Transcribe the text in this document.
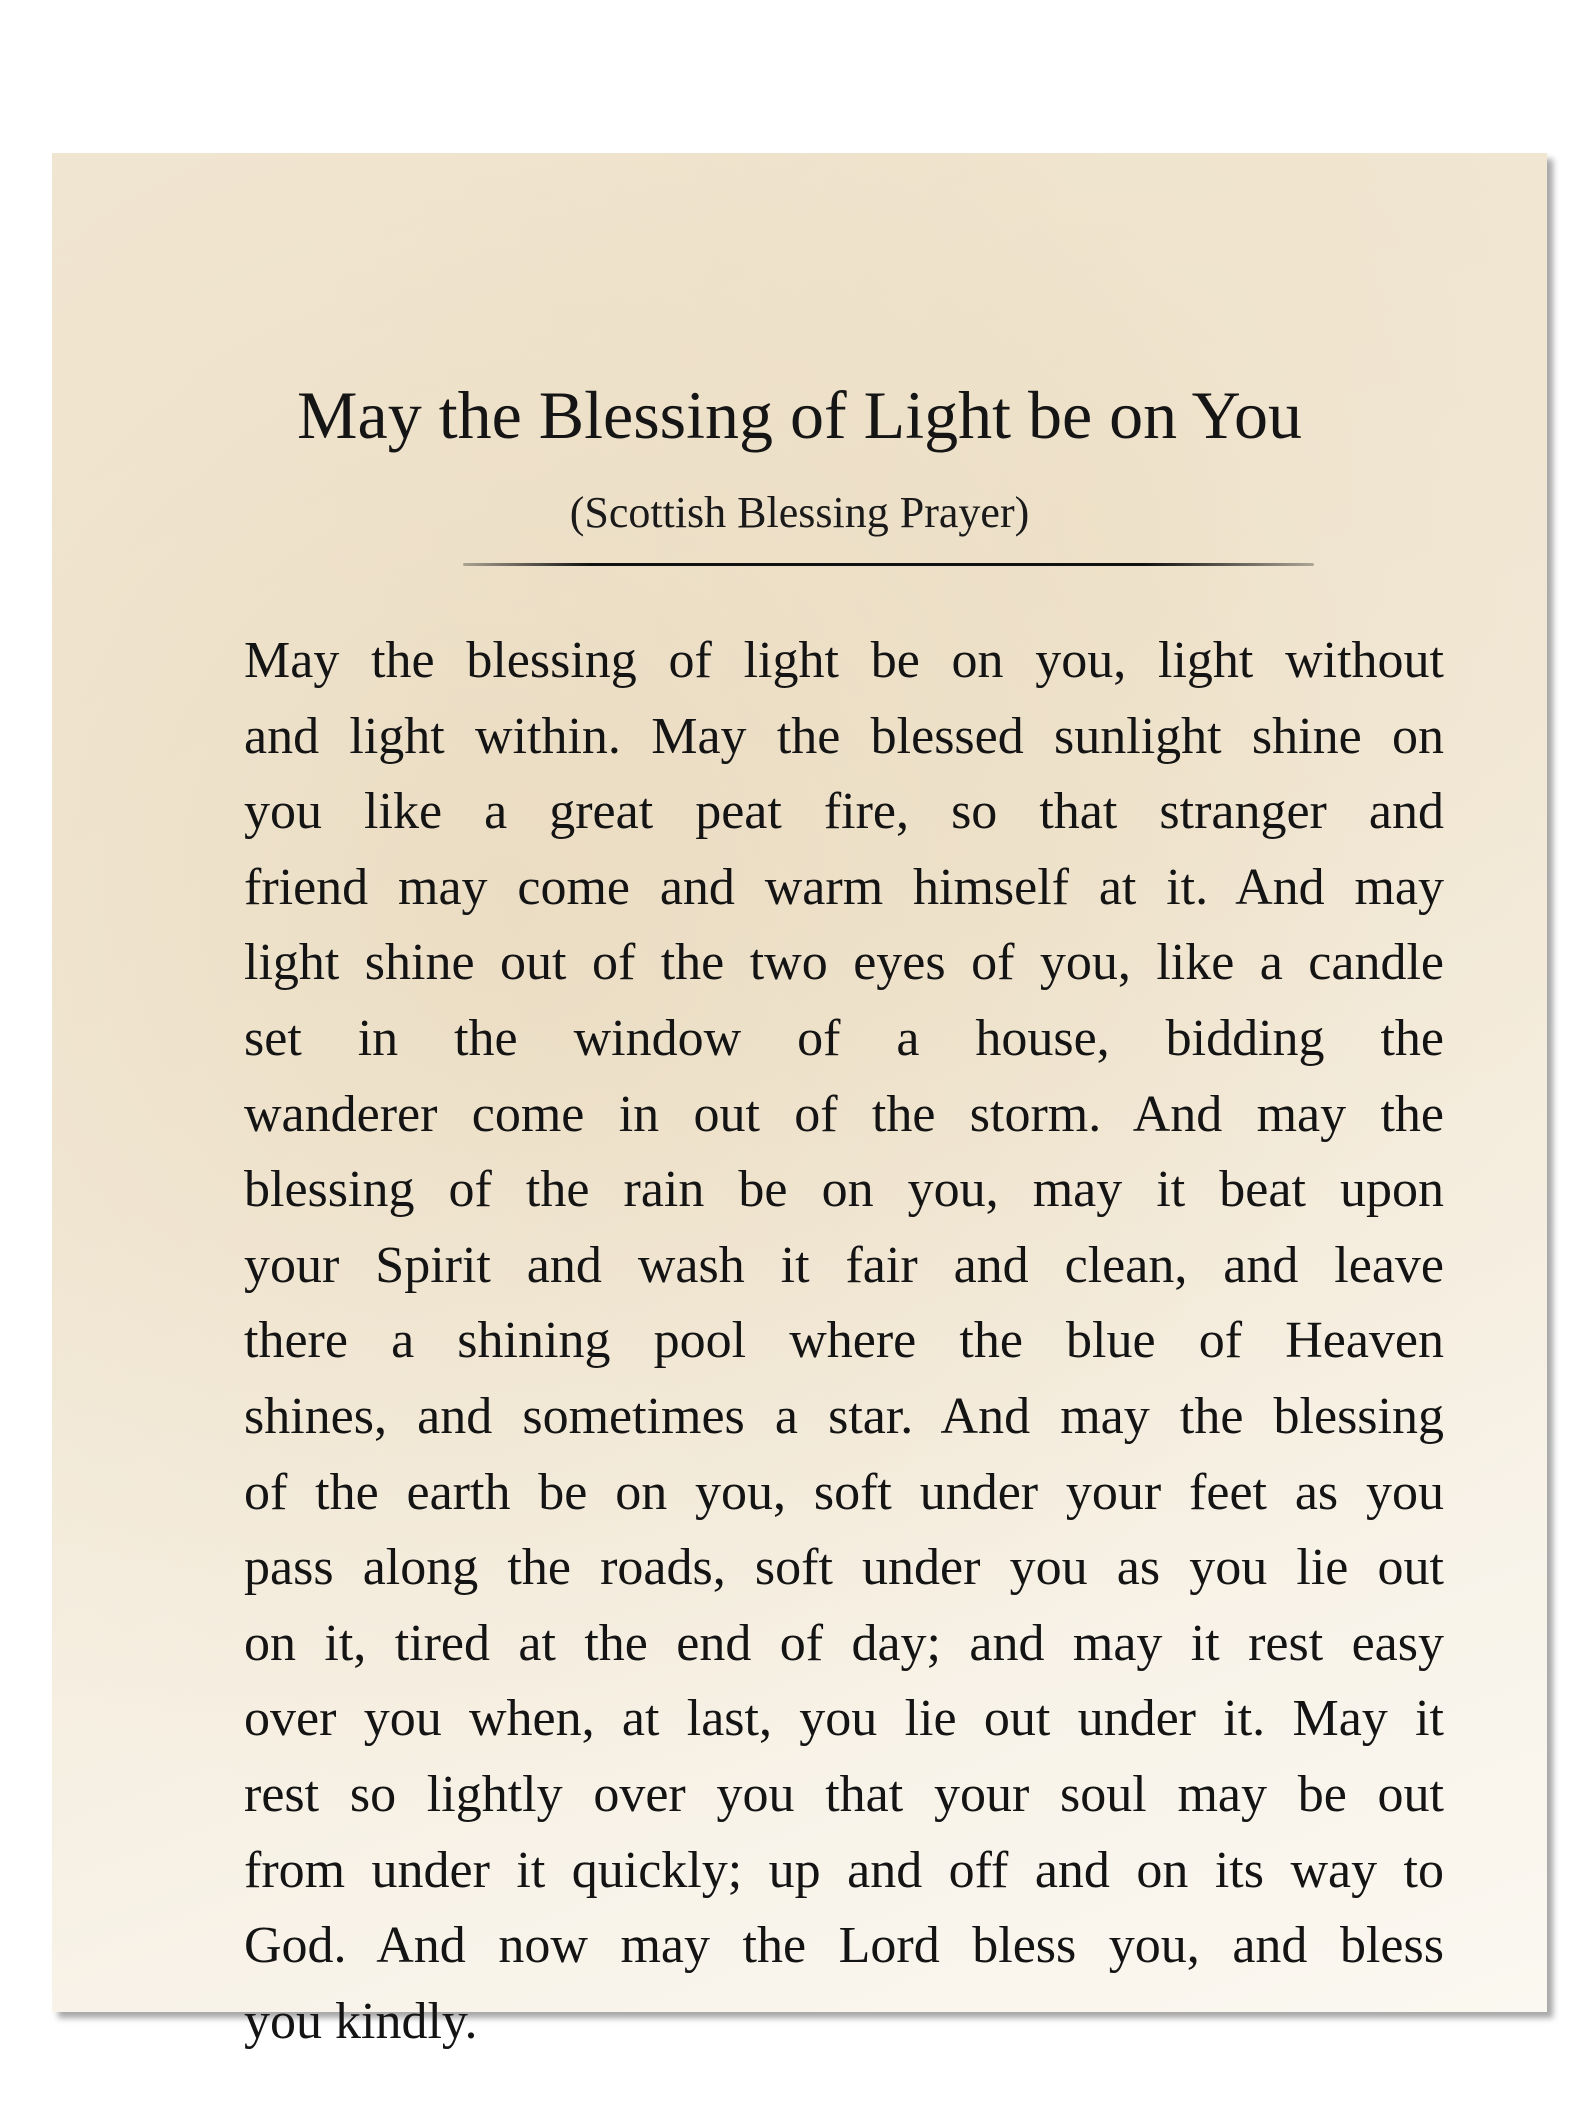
May the Blessing of Light be on You
(Scottish Blessing Prayer)
May the blessing of light be on you, light without
and light within. May the blessed sunlight shine on
you like a great peat fire, so that stranger and
friend may come and warm himself at it. And may
light shine out of the two eyes of you, like a candle
set in the window of a house, bidding the
wanderer come in out of the storm. And may the
blessing of the rain be on you, may it beat upon
your Spirit and wash it fair and clean, and leave
there a shining pool where the blue of Heaven
shines, and sometimes a star. And may the blessing
of the earth be on you, soft under your feet as you
pass along the roads, soft under you as you lie out
on it, tired at the end of day; and may it rest easy
over you when, at last, you lie out under it. May it
rest so lightly over you that your soul may be out
from under it quickly; up and off and on its way to
God. And now may the Lord bless you, and bless
you kindly.
